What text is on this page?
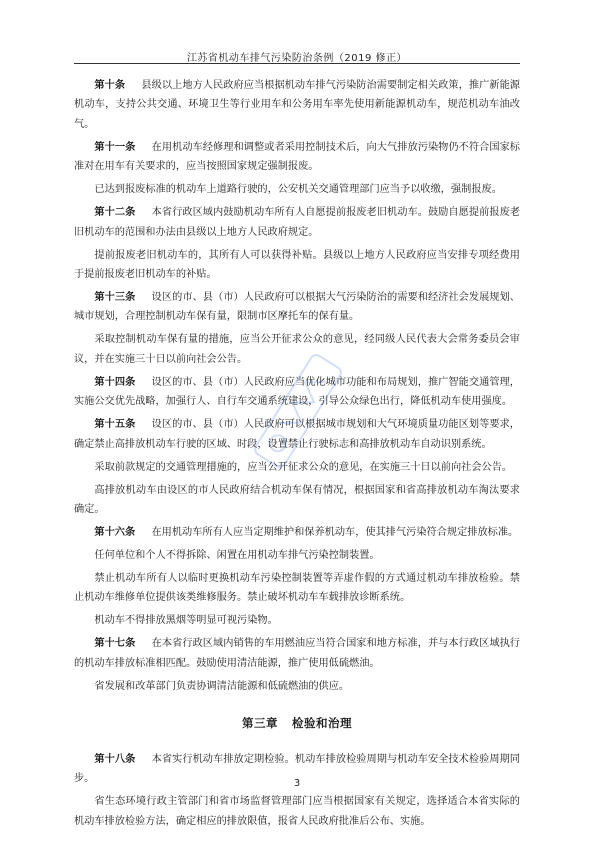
江苏省机动车排气污染防治条例（2019 修正）

第十条 县级以上地方人民政府应当根据机动车排气污染防治需要制定相关政策，推广新能源机动车，支持公共交通、环境卫生等行业用车和公务用车率先使用新能源机动车，规范机动车油改气。

第十一条 在用机动车经修理和调整或者采用控制技术后，向大气排放污染物仍不符合国家标准对在用车有关要求的，应当按照国家规定强制报废。

已达到报废标准的机动车上道路行驶的，公安机关交通管理部门应当予以收缴，强制报废。

第十二条 本省行政区域内鼓励机动车所有人自愿提前报废老旧机动车。鼓励自愿提前报废老旧机动车的范围和办法由县级以上地方人民政府规定。

提前报废老旧机动车的，其所有人可以获得补贴。县级以上地方人民政府应当安排专项经费用于提前报废老旧机动车的补贴。

第十三条 设区的市、县（市）人民政府可以根据大气污染防治的需要和经济社会发展规划、城市规划，合理控制机动车保有量，限制市区摩托车的保有量。

采取控制机动车保有量的措施，应当公开征求公众的意见，经同级人民代表大会常务委员会审议，并在实施三十日以前向社会公告。

第十四条 设区的市、县（市）人民政府应当优化城市功能和布局规划，推广智能交通管理，实施公交优先战略，加强行人、自行车交通系统建设，引导公众绿色出行，降低机动车使用强度。

第十五条 设区的市、县（市）人民政府可以根据城市规划和大气环境质量功能区划等要求，确定禁止高排放机动车行驶的区域、时段，设置禁止行驶标志和高排放机动车自动识别系统。

采取前款规定的交通管理措施的，应当公开征求公众的意见，在实施三十日以前向社会公告。

高排放机动车由设区的市人民政府结合机动车保有情况，根据国家和省高排放机动车淘汰要求确定。

第十六条 在用机动车所有人应当定期维护和保养机动车，使其排气污染符合规定排放标准。

任何单位和个人不得拆除、闲置在用机动车排气污染控制装置。

禁止机动车所有人以临时更换机动车污染控制装置等弄虚作假的方式通过机动车排放检验。禁止机动车维修单位提供该类维修服务。禁止破坏机动车车载排放诊断系统。

机动车不得排放黑烟等明显可视污染物。

第十七条 在本省行政区域内销售的车用燃油应当符合国家和地方标准，并与本行政区域执行的机动车排放标准相匹配。鼓励使用清洁能源，推广使用低硫燃油。

省发展和改革部门负责协调清洁能源和低硫燃油的供应。

第三章 检验和治理

第十八条 本省实行机动车排放定期检验。机动车排放检验周期与机动车安全技术检验周期同步。

省生态环境行政主管部门和省市场监督管理部门应当根据国家有关规定，选择适合本省实际的机动车排放检验方法，确定相应的排放限值，报省人民政府批准后公布、实施。

3
